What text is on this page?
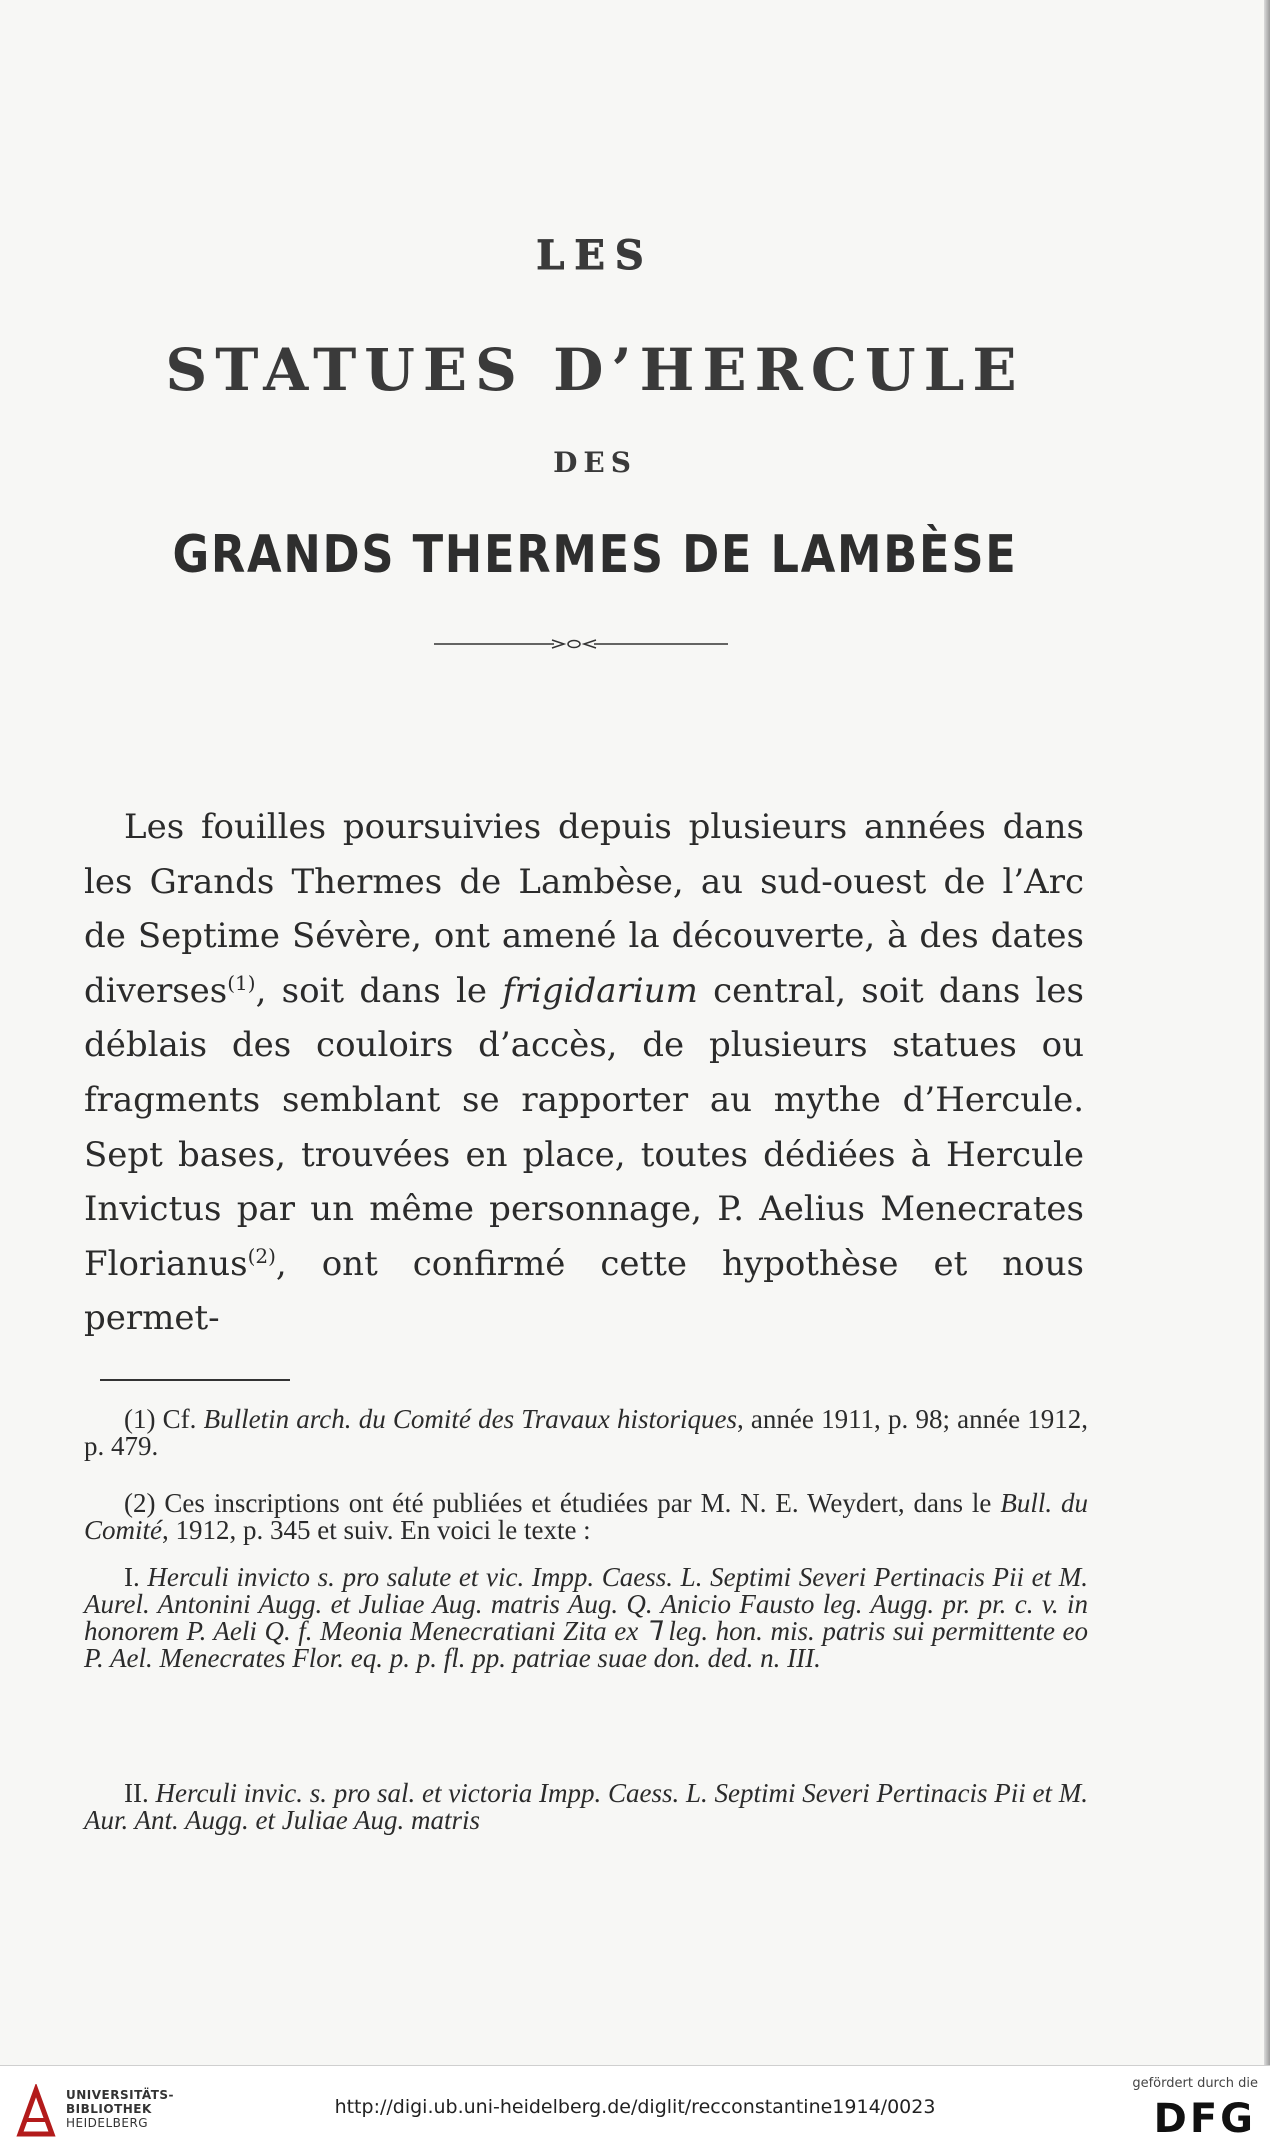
LES
STATUES D’HERCULE
DES
GRANDS THERMES DE LAMBÈSE

Les fouilles poursuivies depuis plusieurs années dans les Grands Thermes de Lambèse, au sud-ouest de l’Arc de Septime Sévère, ont amené la découverte, à des dates diverses$^{(1)}$, soit dans le frigidarium central, soit dans les déblais des couloirs d’accès, de plusieurs statues ou fragments semblant se rapporter au mythe d’Hercule. Sept bases, trouvées en place, toutes dédiées à Hercule Invictus par un même personnage, P. Aelius Menecrates Florianus$^{(2)}$, ont confirmé cette hypothèse et nous permet-

(1) Cf. Bulletin arch. du Comité des Travaux historiques, année 1911, p. 98; année 1912, p. 479.

(2) Ces inscriptions ont été publiées et étudiées par M. N. E. Weydert, dans le Bull. du Comité, 1912, p. 345 et suiv. En voici le texte :

I. Herculi invicto s. pro salute et vic. Impp. Caess. L. Septimi Severi Pertinacis Pii et M. Aurel. Antonini Augg. et Juliae Aug. matris Aug. Q. Anicio Fausto leg. Augg. pr. pr. c. v. in honorem P. Aeli Q. f. Meonia Menecratiani Zita ex ⅂ leg. hon. mis. patris sui permittente eo P. Ael. Menecrates Flor. eq. p. p. fl. pp. patriae suae don. ded. n. III.

II. Herculi invic. s. pro sal. et victoria Impp. Caess. L. Septimi Severi Pertinacis Pii et M. Aur. Ant. Augg. et Juliae Aug. matris

UNIVERSITÄTS-
BIBLIOTHEK
HEIDELBERG
http://digi.ub.uni-heidelberg.de/diglit/recconstantine1914/0023
gefördert durch die
DFG
